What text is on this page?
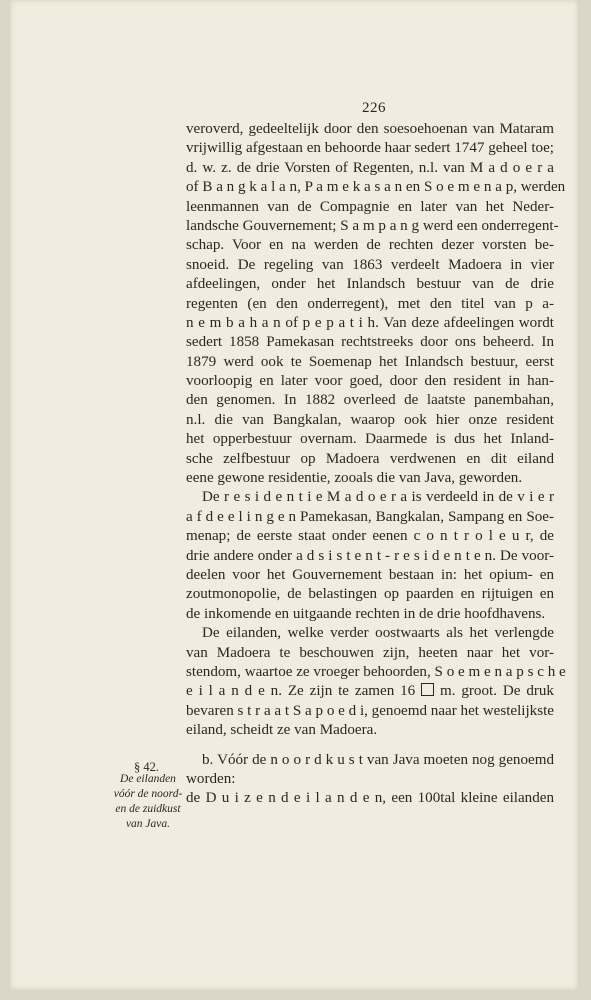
226
veroverd, gedeeltelijk door den soesoehoenan van Mataram
vrijwillig afgestaan en behoorde haar sedert 1747 geheel toe;
d. w. z. de drie Vorsten of Regenten, n.l. van M a d o e r a
of B a n g k a l a n, P a m e k a s a n en S o e m e n a p, werden
leenmannen van de Compagnie en later van het Neder-
landsche Gouvernement; S a m p a n g werd een onderregent-
schap. Voor en na werden de rechten dezer vorsten be-
snoeid. De regeling van 1863 verdeelt Madoera in vier
afdeelingen, onder het Inlandsch bestuur van de drie
regenten (en den onderregent), met den titel van p a-
n e m b a h a n of p e p a t i h. Van deze afdeelingen wordt
sedert 1858 Pamekasan rechtstreeks door ons beheerd. In
1879 werd ook te Soemenap het Inlandsch bestuur, eerst
voorloopig en later voor goed, door den resident in han-
den genomen. In 1882 overleed de laatste panembahan,
n.l. die van Bangkalan, waarop ook hier onze resident
het opperbestuur overnam. Daarmede is dus het Inland-
sche zelfbestuur op Madoera verdwenen en dit eiland
eene gewone residentie, zooals die van Java, geworden.
De r e s i d e n t i e M a d o e r a is verdeeld in de v i e r
a f d e e l i n g e n Pamekasan, Bangkalan, Sampang en Soe-
menap; de eerste staat onder eenen c o n t r o l e u r, de
drie andere onder a d s i s t e n t - r e s i d e n t e n. De voor-
deelen voor het Gouvernement bestaan in: het opium- en
zoutmonopolie, de belastingen op paarden en rijtuigen en
de inkomende en uitgaande rechten in de drie hoofdhavens.
De eilanden, welke verder oostwaarts als het verlengde
van Madoera te beschouwen zijn, heeten naar het vor-
stendom, waartoe ze vroeger behoorden, S o e m e n a p s c h e
e i l a n d e n. Ze zijn te zamen 16 m. groot. De druk
bevaren s t r a a t S a p o e d i, genoemd naar het westelijkste
eiland, scheidt ze van Madoera.
b. Vóór de n o o r d k u s t van Java moeten nog genoemd
worden:
de D u i z e n d e i l a n d e n, een 100tal kleine eilanden
§ 42.
De eilanden
vóór de noord-
en de zuidkust
van Java.
